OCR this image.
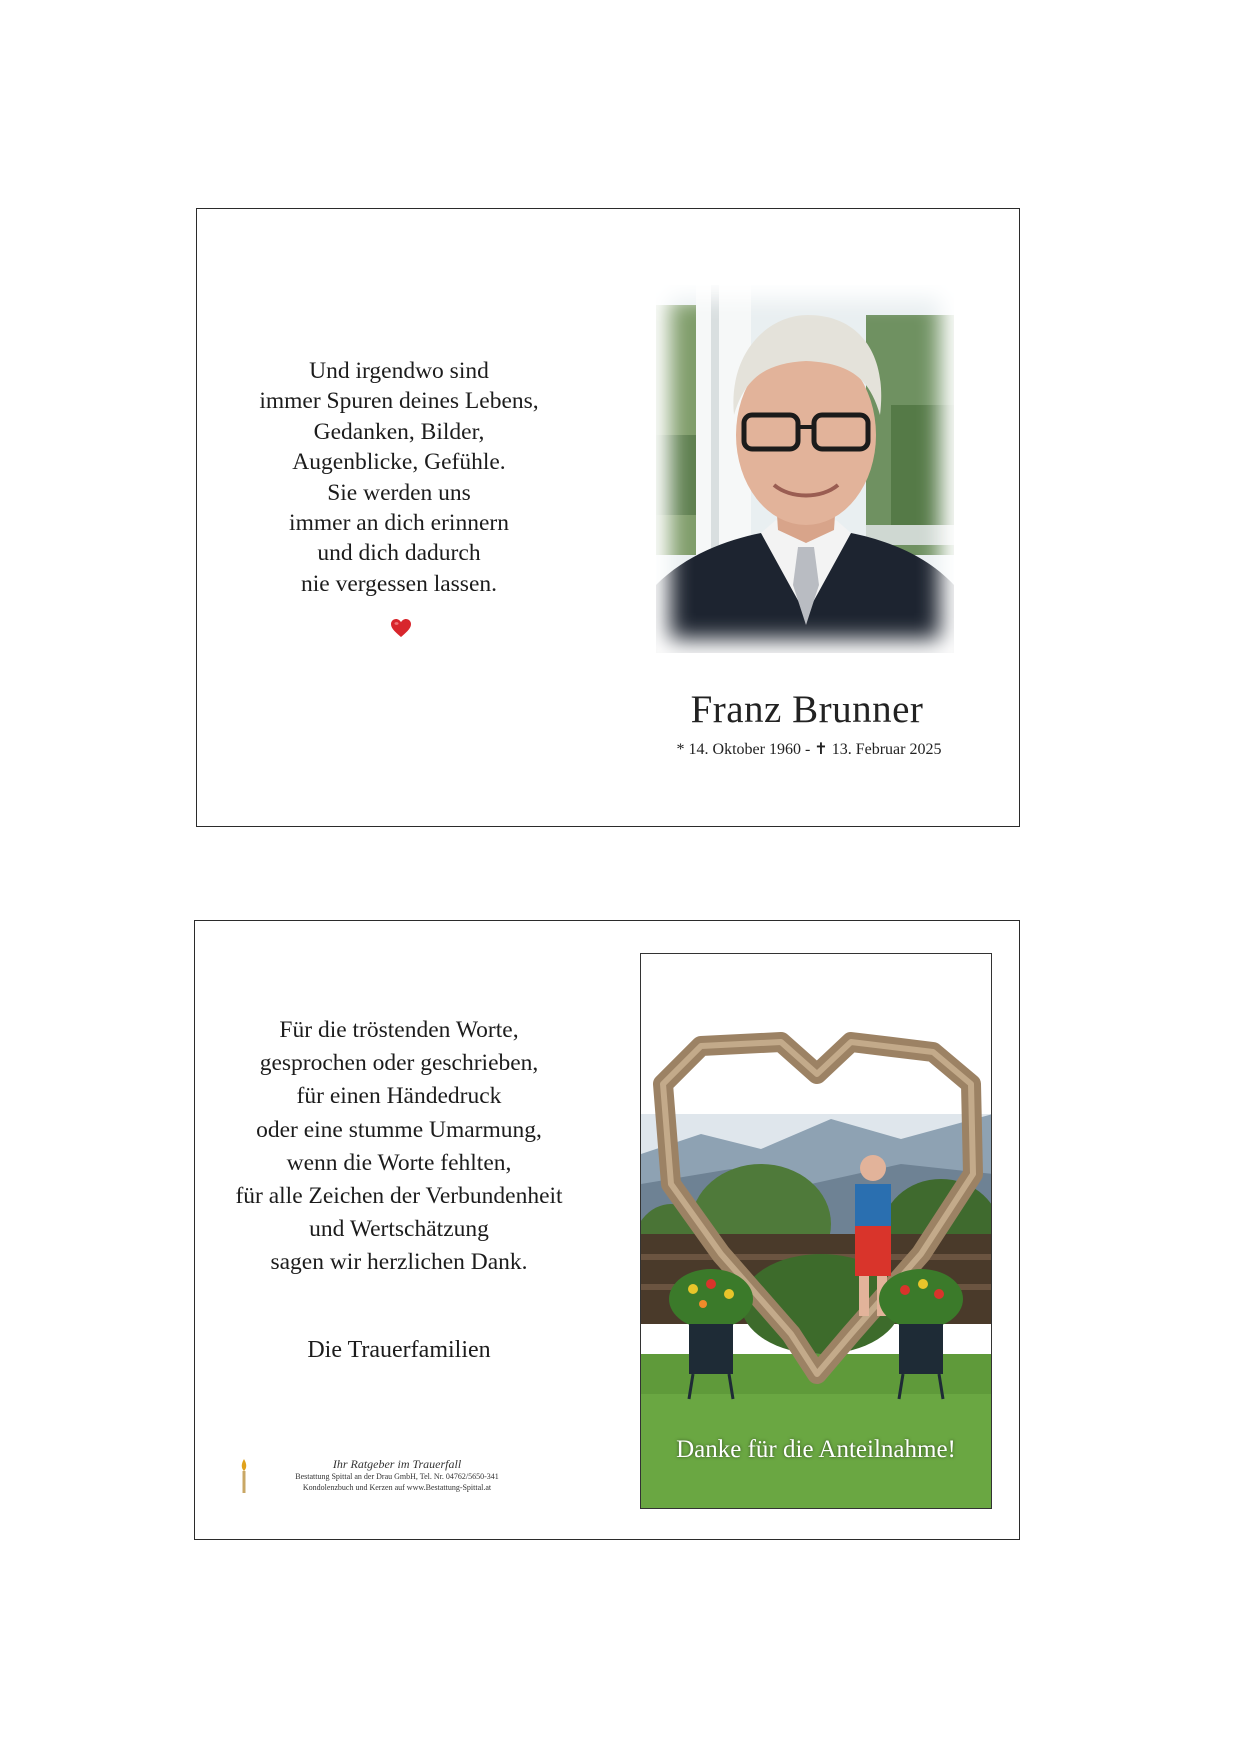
Und irgendwo sind
immer Spuren deines Lebens,
Gedanken, Bilder,
Augenblicke, Gefühle.
Sie werden uns
immer an dich erinnern
und dich dadurch
nie vergessen lassen.
Franz Brunner
* 14. Oktober 1960 - ✝ 13. Februar 2025
Für die tröstenden Worte,
gesprochen oder geschrieben,
für einen Händedruck
oder eine stumme Umarmung,
wenn die Worte fehlten,
für alle Zeichen der Verbundenheit
und Wertschätzung
sagen wir herzlichen Dank.
Die Trauerfamilien
Ihr Ratgeber im Trauerfall
Bestattung Spittal an der Drau GmbH, Tel. Nr. 04762/5650-341
Kondolenzbuch und Kerzen auf www.Bestattung-Spittal.at
Danke für die Anteilnahme!
